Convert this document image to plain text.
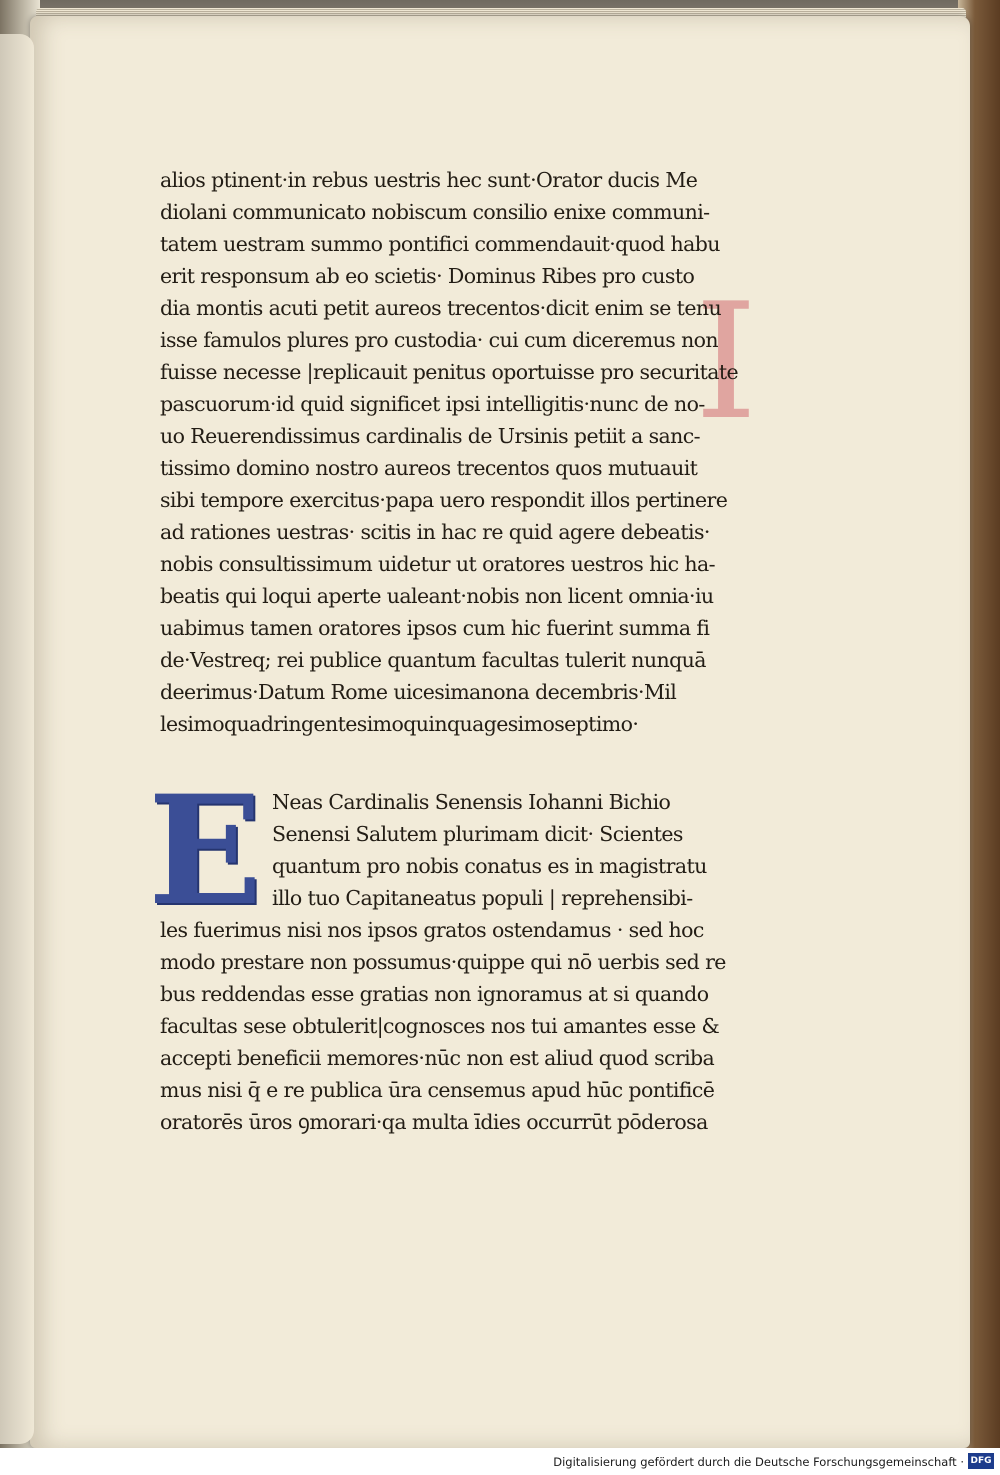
I
alios ptinent·in rebus uestris hec sunt·Orator ducis Me
diolani communicato nobiscum consilio enixe communi-
tatem uestram summo pontifici commendauit·quod habu
erit responsum ab eo scietis· Dominus Ribes pro custo
dia montis acuti petit aureos trecentos·dicit enim se tenu
isse famulos plures pro custodia· cui cum diceremus non
fuisse necesse |replicauit penitus oportuisse pro securitate
pascuorum·id quid significet ipsi intelligitis·nunc de no-
uo Reuerendissimus cardinalis de Ursinis petiit a sanc-
tissimo domino nostro aureos trecentos quos mutuauit
sibi tempore exercitus·papa uero respondit illos pertinere
ad rationes uestras· scitis in hac re quid agere debeatis·
nobis consultissimum uidetur ut oratores uestros hic ha-
beatis qui loqui aperte ualeant·nobis non licent omnia·iu
uabimus tamen oratores ipsos cum hic fuerint summa fi
de·Vestreq; rei publice quantum facultas tulerit nunquā
deerimus·Datum Rome uicesimanona decembris·Mil
lesimoquadringentesimoquinquagesimoseptimo·
Neas Cardinalis Senensis Iohanni Bichio
Senensi Salutem plurimam dicit· Scientes
quantum pro nobis conatus es in magistratu
illo tuo Capitaneatus populi | reprehensibi-
les fuerimus nisi nos ipsos gratos ostendamus · sed hoc
modo prestare non possumus·quippe qui nō uerbis sed re
bus reddendas esse gratias non ignoramus at si quando
facultas sese obtulerit|cognosces nos tui amantes esse &
accepti beneficii memores·nūc non est aliud quod scriba
mus nisi q̄ e re publica ūra censemus apud hūc pontificē
oratorēs ūros ꝯmorari·qa multa īdies occurrūt pōderosa
E
Digitalisierung gefördert durch die Deutsche Forschungsgemeinschaft · DFG
